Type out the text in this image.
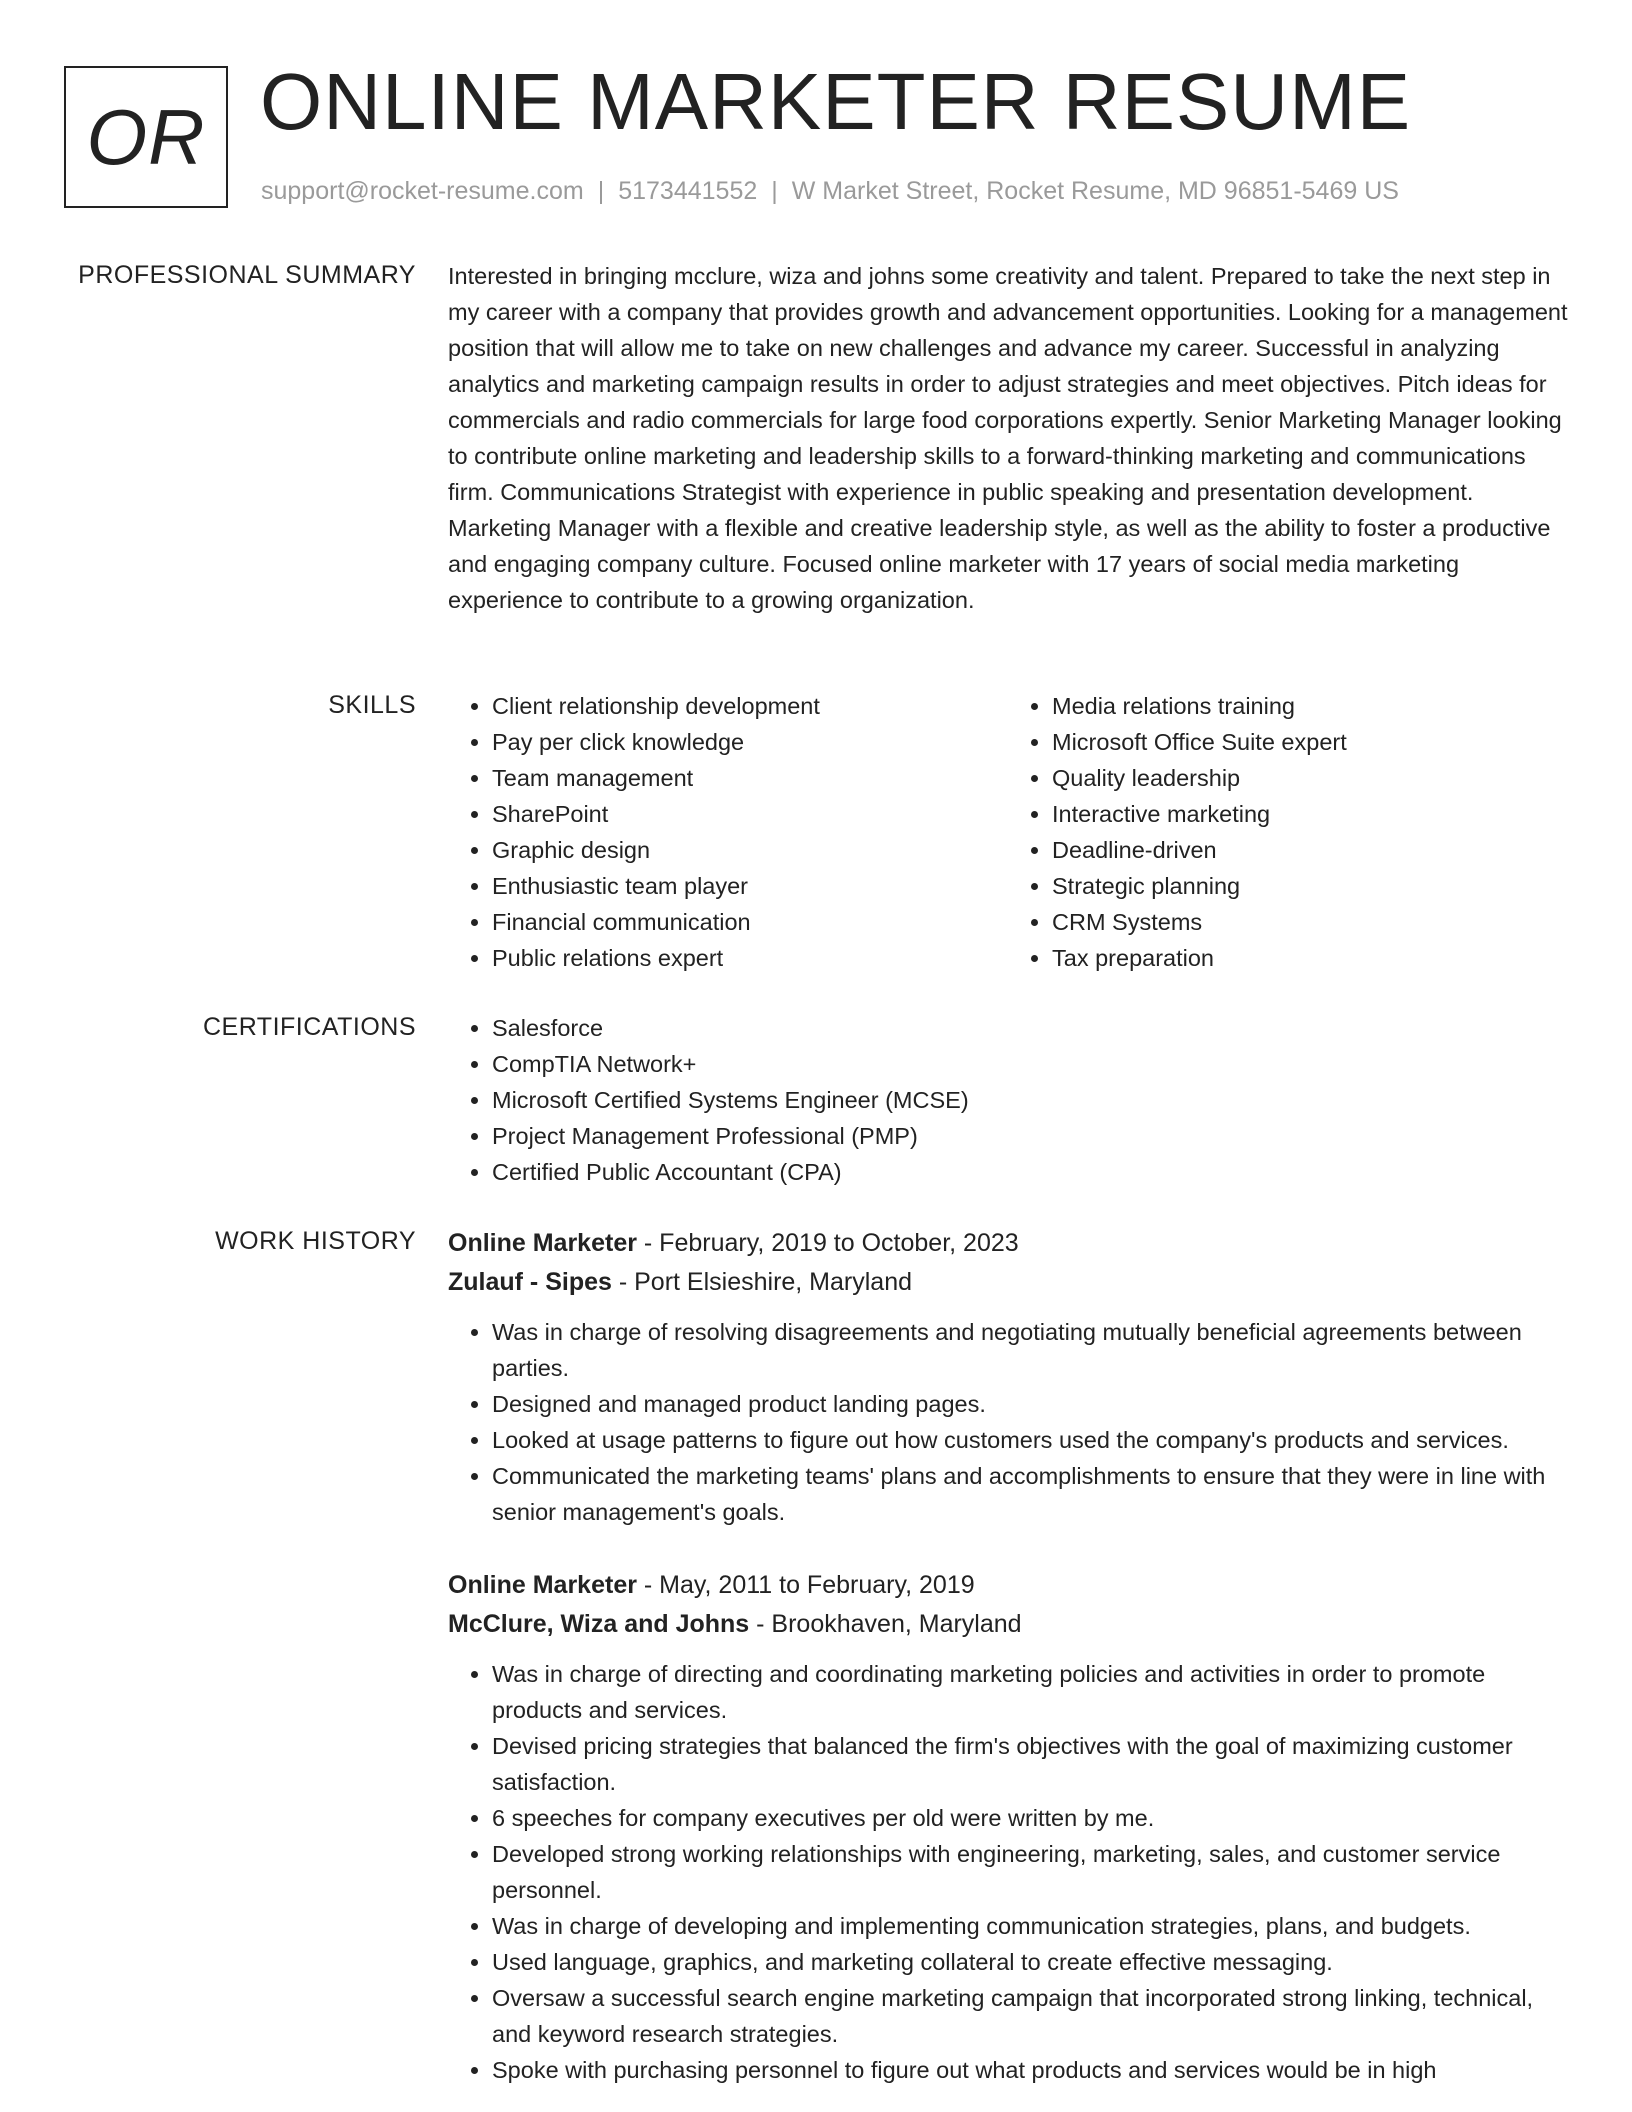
OR ONLINE MARKETER RESUME
support@rocket-resume.com | 5173441552 | W Market Street, Rocket Resume, MD 96851-5469 US
PROFESSIONAL SUMMARY Interested in bringing mcclure, wiza and johns some creativity and talent. Prepared to take the next step in my career with a company that provides growth and advancement opportunities. Looking for a management position that will allow me to take on new challenges and advance my career. Successful in analyzing analytics and marketing campaign results in order to adjust strategies and meet objectives. Pitch ideas for commercials and radio commercials for large food corporations expertly. Senior Marketing Manager looking to contribute online marketing and leadership skills to a forward-thinking marketing and communications firm. Communications Strategist with experience in public speaking and presentation development. Marketing Manager with a flexible and creative leadership style, as well as the ability to foster a productive and engaging company culture. Focused online marketer with 17 years of social media marketing experience to contribute to a growing organization.

SKILLS	• Client relationship development
• Pay per click knowledge
• Team management
• SharePoint
• Graphic design
• Enthusiastic team player
• Financial communication
• Public relations expert
• Media relations training
• Microsoft Office Suite expert
• Quality leadership
• Interactive marketing
• Deadline-driven
• Strategic planning
• CRM Systems
• Tax preparation
CERTIFICATIONS	• Salesforce
• CompTIA Network+
• Microsoft Certified Systems Engineer (MCSE)
• Project Management Professional (PMP)
• Certified Public Accountant (CPA)
WORK HISTORY Online Marketer - February, 2019 to October, 2023
Zulauf - Sipes - Port Elsieshire, Maryland
• Was in charge of resolving disagreements and negotiating mutually beneficial agreements between parties.
• Designed and managed product landing pages.
• Looked at usage patterns to figure out how customers used the company's products and services.
• Communicated the marketing teams' plans and accomplishments to ensure that they were in line with senior management's goals.
Online Marketer - May, 2011 to February, 2019
McClure, Wiza and Johns - Brookhaven, Maryland
• Was in charge of directing and coordinating marketing policies and activities in order to promote products and services.
• Devised pricing strategies that balanced the firm's objectives with the goal of maximizing customer satisfaction.
• 6 speeches for company executives per old were written by me.
• Developed strong working relationships with engineering, marketing, sales, and customer service personnel.
• Was in charge of developing and implementing communication strategies, plans, and budgets.
• Used language, graphics, and marketing collateral to create effective messaging.
• Oversaw a successful search engine marketing campaign that incorporated strong linking, technical, and keyword research strategies.
• Spoke with purchasing personnel to figure out what products and services would be in high
